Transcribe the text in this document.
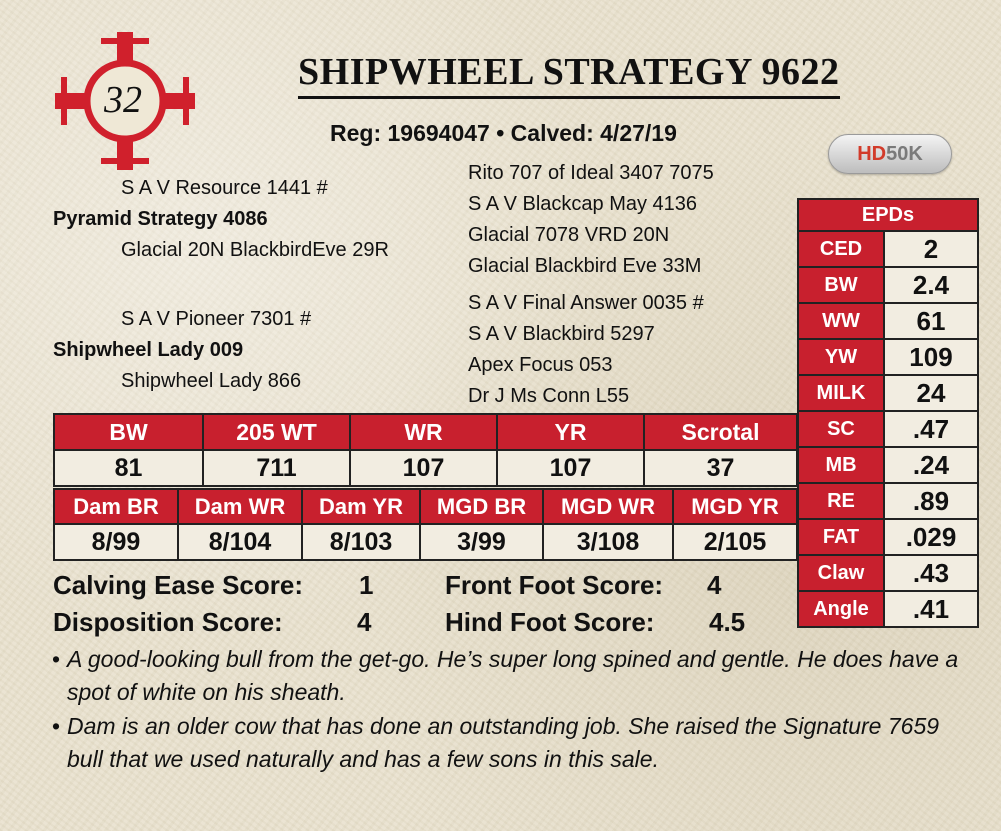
32
SHIPWHEEL STRATEGY 9622
Reg: 19694047 • Calved: 4/27/19
HD 50K
S A V Resource 1441 #
Pyramid Strategy 4086
Glacial 20N BlackbirdEve 29R
Rito 707 of Ideal 3407 7075
S A V Blackcap May 4136
Glacial 7078 VRD 20N
Glacial Blackbird Eve 33M
S A V Pioneer 7301 #
Shipwheel Lady 009
Shipwheel Lady 866
S A V Final Answer 0035 #
S A V Blackbird 5297
Apex Focus 053
Dr J Ms Conn L55
BW	205 WT	WR	YR	Scrotal
81	711	107	107	37
Dam BR	Dam WR	Dam YR	MGD BR	MGD WR	MGD YR
8/99	8/104	8/103	3/99	3/108	2/105
EPDs	
CED	2
BW	2.4
WW	61
YW	109
MILK	24
SC	.47
MB	.24
RE	.89
FAT	.029
Claw	.43
Angle	.41
Calving Ease Score: 1
Disposition Score:	4
Front Foot Score: 4
Hind Foot Score: 4.5
• A good-looking bull from the get-go. He’s super long spined and gentle. He does have a spot of white on his sheath.
• Dam is an older cow that has done an outstanding job. She raised the Signature 7659 bull that we used naturally and has a few sons in this sale.
